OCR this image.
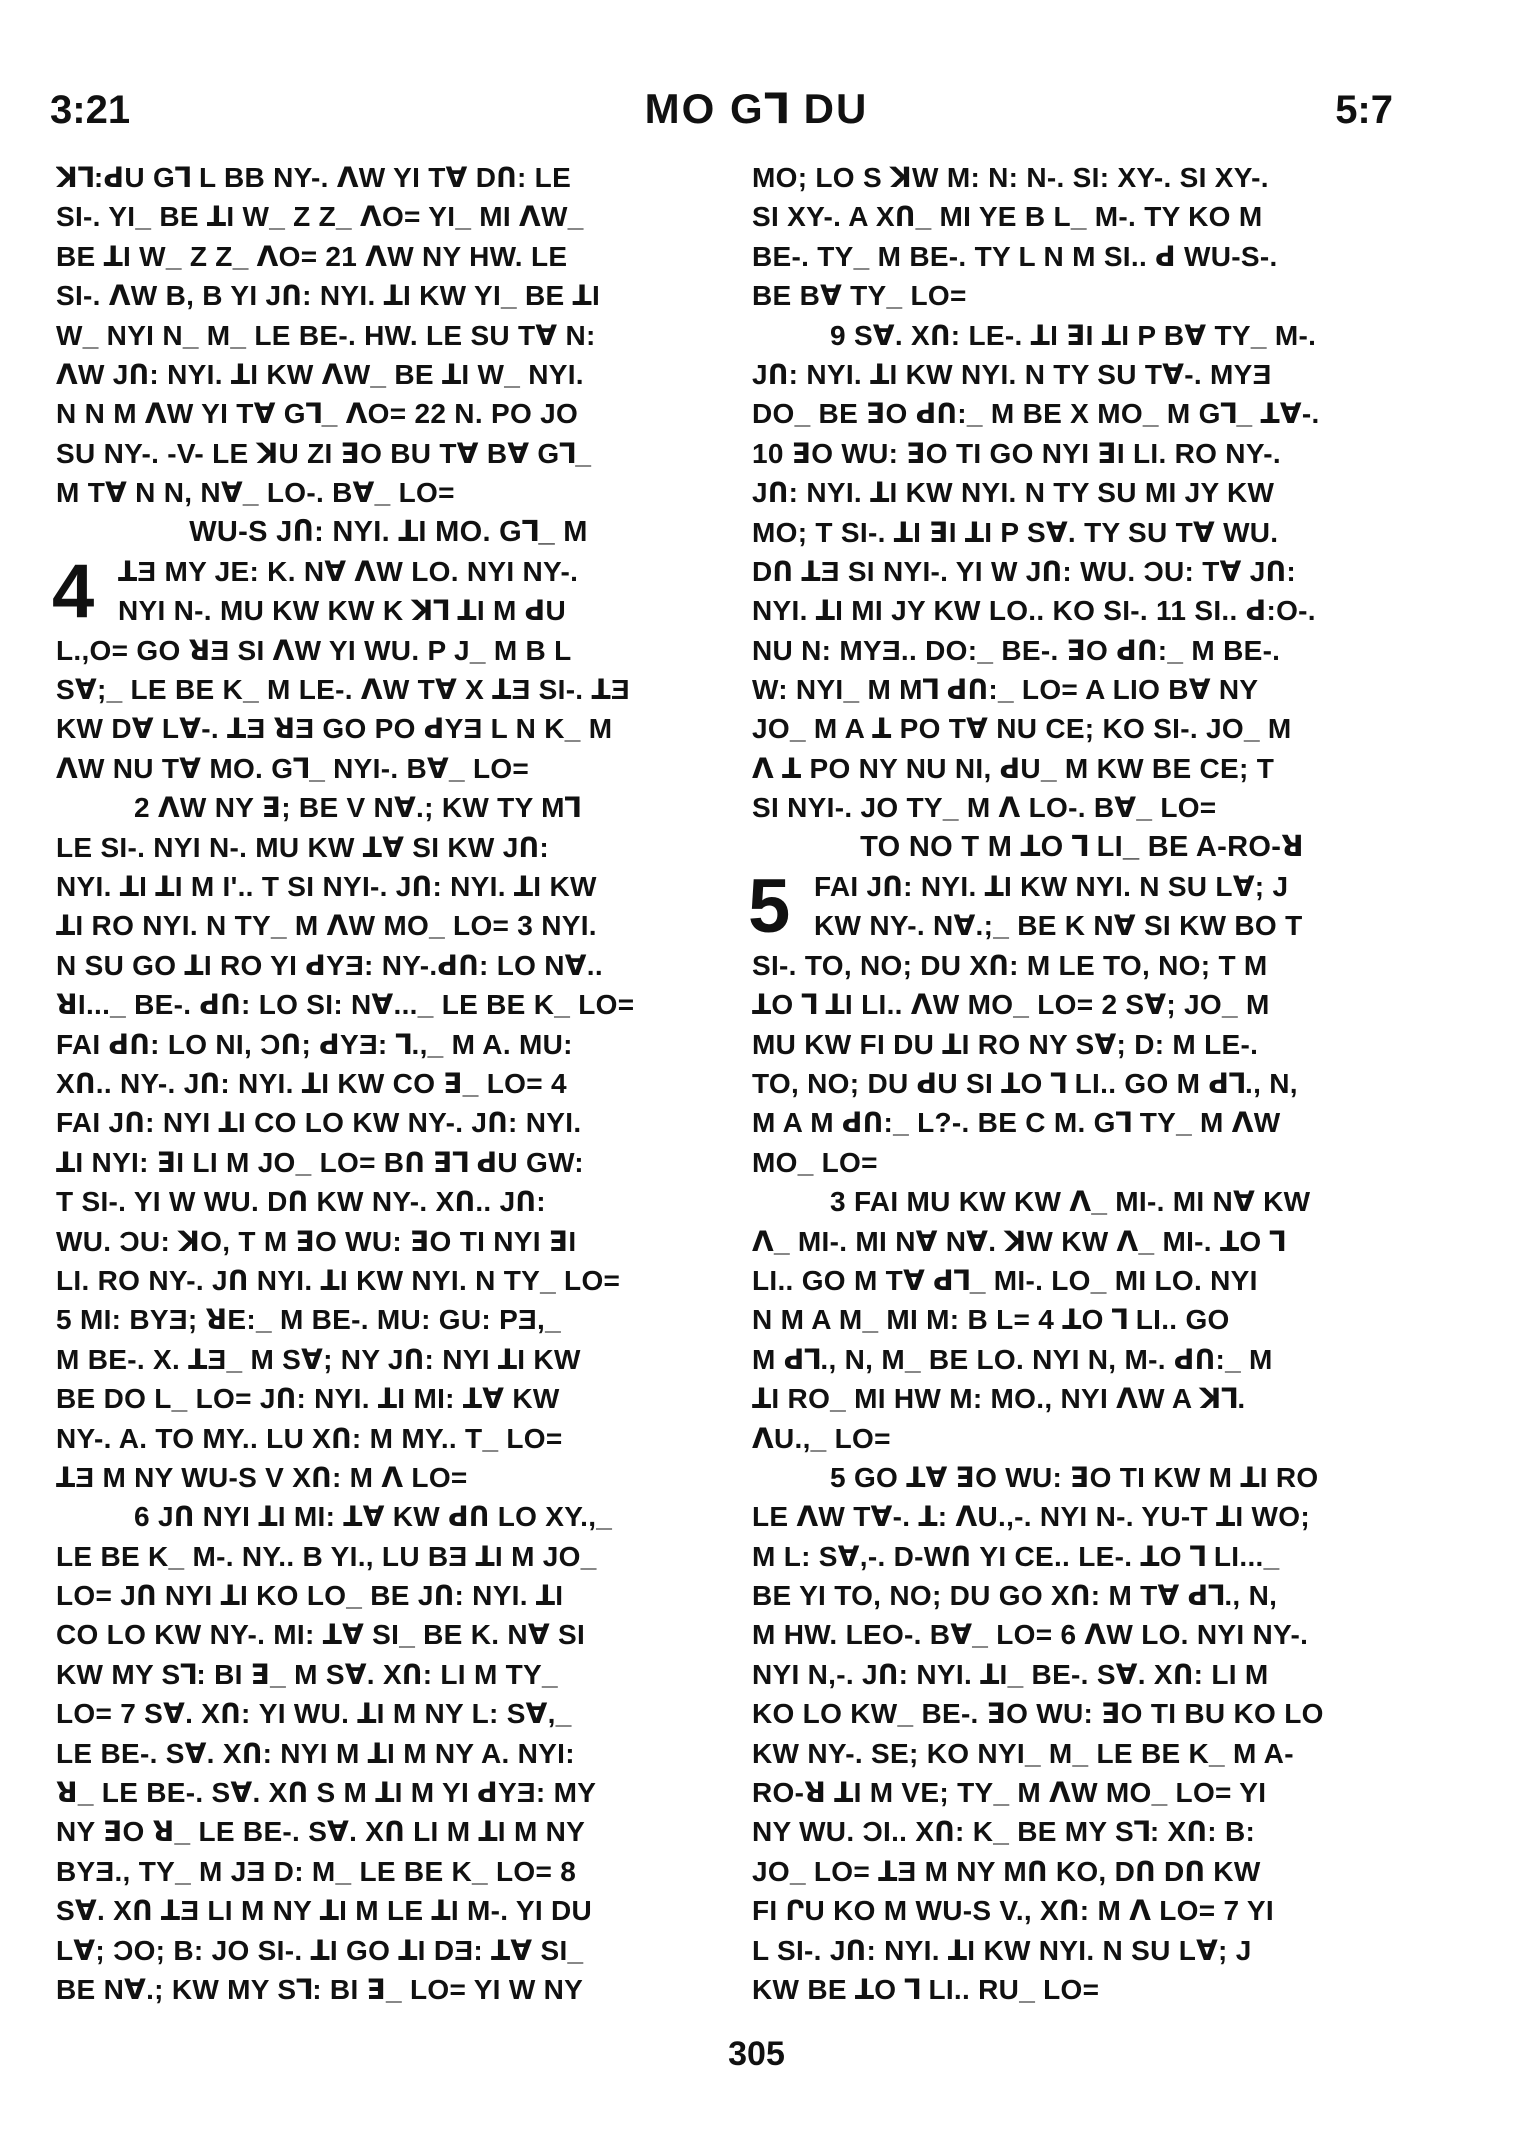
3:21	MO G⅂ DU	5:7
ꓘ⅂:ꓒU G⅂ L BB NY-. ꓥW YI Tꓯ DՈ: LE
SI-. YI_ BE ꓕI W_ Z Z_ ꓥO= YI_ MI ꓥW_
BE ꓕI W_ Z Z_ ꓥO= 21 ꓥW NY HW. LE
SI-. ꓥW B, B YI JՈ: NYI. ꓕI KW YI_ BE ꓕI
W_ NYI N_ M_ LE BE-. HW. LE SU Tꓯ N:
ꓥW JՈ: NYI. ꓕI KW ꓥW_ BE ꓕI W_ NYI.
N N M ꓥW YI Tꓯ G⅂_ ꓥO= 22 N. PO JO
SU NY-. -V- LE ꓘU ZI ꓱO BU Tꓯ Bꓯ G⅂_
M Tꓯ N N, Nꓯ_ LO-. Bꓯ_ LO=
WU-S JՈ: NYI. ꓕI MO. G⅂_ M
4 ꓕƎ MY JE: K. Nꓯ ꓥW LO. NYI NY-.
NYI N-. MU KW KW K ꓘ⅂ ꓕI M ꓒU
L.,O= GO ꓤƎ SI ꓥW YI WU. P J_ M B L
Sꓯ;_ LE BE K_ M LE-. ꓥW Tꓯ X ꓕƎ SI-. ꓕƎ
KW Dꓯ Lꓯ-. ꓕƎ ꓤƎ GO PO ꓒYƎ L N K_ M
ꓥW NU Tꓯ MO. G⅂_ NYI-. Bꓯ_ LO=
2 ꓥW NY ꓱ; BE V Nꓯ.; KW TY M⅂
LE SI-. NYI N-. MU KW ꓕꓯ SI KW JՈ:
NYI. ꓕI ꓕI M I'.. T SI NYI-. JՈ: NYI. ꓕI KW
ꓕI RO NYI. N TY_ M ꓥW MO_ LO= 3 NYI.
N SU GO ꓕI RO YI ꓒYƎ: NY-.ꓒՈ: LO Nꓯ..
ꓤI..._ BE-. ꓒՈ: LO SI: Nꓯ..._ LE BE K_ LO=
FAI ꓒՈ: LO NI, ϽՈ; ꓒYƎ: ⅂.,_ M A. MU:
XՈ.. NY-. JՈ: NYI. ꓕI KW CO ꓱ_ LO= 4
FAI JՈ: NYI ꓕI CO LO KW NY-. JՈ: NYI.
ꓕI NYI: ꓱI LI M JO_ LO= BՈ ꓱ⅂ ꓒU GW:
T SI-. YI W WU. DՈ KW NY-. XՈ.. JՈ:
WU. ϽU: ꓘO, T M ꓱO WU: ꓱO TI NYI ꓱI
LI. RO NY-. JՈ NYI. ꓕI KW NYI. N TY_ LO=
5 MI: BYƎ; ꓤE:_ M BE-. MU: GU: PƎ,_
M BE-. X. ꓕƎ_ M Sꓯ; NY JՈ: NYI ꓕI KW
BE DO L_ LO= JՈ: NYI. ꓕI MI: ꓕꓯ KW
NY-. A. TO MY.. LU XՈ: M MY.. T_ LO=
ꓕƎ M NY WU-S V XՈ: M ꓥ LO=
6 JՈ NYI ꓕI MI: ꓕꓯ KW ꓒՈ LO XY.,_
LE BE K_ M-. NY.. B YI., LU BƎ ꓕI M JO_
LO= JՈ NYI ꓕI KO LO_ BE JՈ: NYI. ꓕI
CO LO KW NY-. MI: ꓕꓯ SI_ BE K. Nꓯ SI
KW MY S⅂: BI ꓱ_ M Sꓯ. XՈ: LI M TY_
LO= 7 Sꓯ. XՈ: YI WU. ꓕI M NY L: Sꓯ,_
LE BE-. Sꓯ. XՈ: NYI M ꓕI M NY A. NYI:
ꓤ_ LE BE-. Sꓯ. XՈ S M ꓕI M YI ꓒYƎ: MY
NY ꓱO ꓤ_ LE BE-. Sꓯ. XՈ LI M ꓕI M NY
BYƎ., TY_ M JƎ D: M_ LE BE K_ LO= 8
Sꓯ. XՈ ꓕƎ LI M NY ꓕI M LE ꓕI M-. YI DU
Lꓯ; ϽO; B: JO SI-. ꓕI GO ꓕI DƎ: ꓕꓯ SI_
BE Nꓯ.; KW MY S⅂: BI ꓱ_ LO= YI W NY
MO; LO S ꓘW M: N: N-. SI: XY-. SI XY-.
SI XY-. A XՈ_ MI YE B L_ M-. TY KO M
BE-. TY_ M BE-. TY L N M SI.. ꓒ WU-S-.
BE Bꓯ TY_ LO=
9 Sꓯ. XՈ: LE-. ꓕI ꓱI ꓕI P Bꓯ TY_ M-.
JՈ: NYI. ꓕI KW NYI. N TY SU Tꓯ-. MYƎ
DO_ BE ꓱO ꓒՈ:_ M BE X MO_ M G⅂_ ꓕꓯ-.
10 ꓱO WU: ꓱO TI GO NYI ꓱI LI. RO NY-.
JՈ: NYI. ꓕI KW NYI. N TY SU MI JY KW
MO; T SI-. ꓕI ꓱI ꓕI P Sꓯ. TY SU Tꓯ WU.
DՈ ꓕƎ SI NYI-. YI W JՈ: WU. ϽU: Tꓯ JՈ:
NYI. ꓕI MI JY KW LO.. KO SI-. 11 SI.. ꓒ:O-.
NU N: MYƎ.. DO:_ BE-. ꓱO ꓒՈ:_ M BE-.
W: NYI_ M M⅂ ꓒՈ:_ LO= A LIO Bꓯ NY
JO_ M A ꓕ PO Tꓯ NU CE; KO SI-. JO_ M
ꓥ ꓕ PO NY NU NI, ꓒU_ M KW BE CE; T
SI NYI-. JO TY_ M ꓥ LO-. Bꓯ_ LO=
TO NO T M ꓕO ⅂ LI_ BE A-RO-ꓤ
5 FAI JՈ: NYI. ꓕI KW NYI. N SU Lꓯ; J
KW NY-. Nꓯ.;_ BE K Nꓯ SI KW BO T
SI-. TO, NO; DU XՈ: M LE TO, NO; T M
ꓕO ⅂ ꓕI LI.. ꓥW MO_ LO= 2 Sꓯ; JO_ M
MU KW FI DU ꓕI RO NY Sꓯ; D: M LE-.
TO, NO; DU ꓒU SI ꓕO ⅂ LI.. GO M ꓒ⅂., N,
M A M ꓒՈ:_ L?-. BE C M. G⅂ TY_ M ꓥW
MO_ LO=
3 FAI MU KW KW ꓥ_ MI-. MI Nꓯ KW
ꓥ_ MI-. MI Nꓯ Nꓯ. ꓘW KW ꓥ_ MI-. ꓕO ⅂
LI.. GO M Tꓯ ꓒ⅂_ MI-. LO_ MI LO. NYI
N M A M_ MI M: B L= 4 ꓕO ⅂ LI.. GO
M ꓒ⅂., N, M_ BE LO. NYI N, M-. ꓒՈ:_ M
ꓕI RO_ MI HW M: MO., NYI ꓥW A ꓘ⅂.
ꓥU.,_ LO=
5 GO ꓕꓯ ꓱO WU: ꓱO TI KW M ꓕI RO
LE ꓥW Tꓯ-. ꓕ: ꓥU.,-. NYI N-. YU-T ꓕI WO;
M L: Sꓯ,-. D-WՈ YI CE.. LE-. ꓕO ⅂ LI..._
BE YI TO, NO; DU GO XՈ: M Tꓯ ꓒ⅂., N,
M HW. LEO-. Bꓯ_ LO= 6 ꓥW LO. NYI NY-.
NYI N,-. JՈ: NYI. ꓕI_ BE-. Sꓯ. XՈ: LI M
KO LO KW_ BE-. ꓱO WU: ꓱO TI BU KO LO
KW NY-. SE; KO NYI_ M_ LE BE K_ M A-
RO-ꓤ ꓕI M VE; TY_ M ꓥW MO_ LO= YI
NY WU. ϽI.. XՈ: K_ BE MY S⅂: XՈ: B:
JO_ LO= ꓕƎ M NY MՈ KO, DՈ DՈ KW
FI ՐU KO M WU-S V., XՈ: M ꓥ LO= 7 YI
L SI-. JՈ: NYI. ꓕI KW NYI. N SU Lꓯ; J
KW BE ꓕO ⅂ LI.. RU_ LO=
305
